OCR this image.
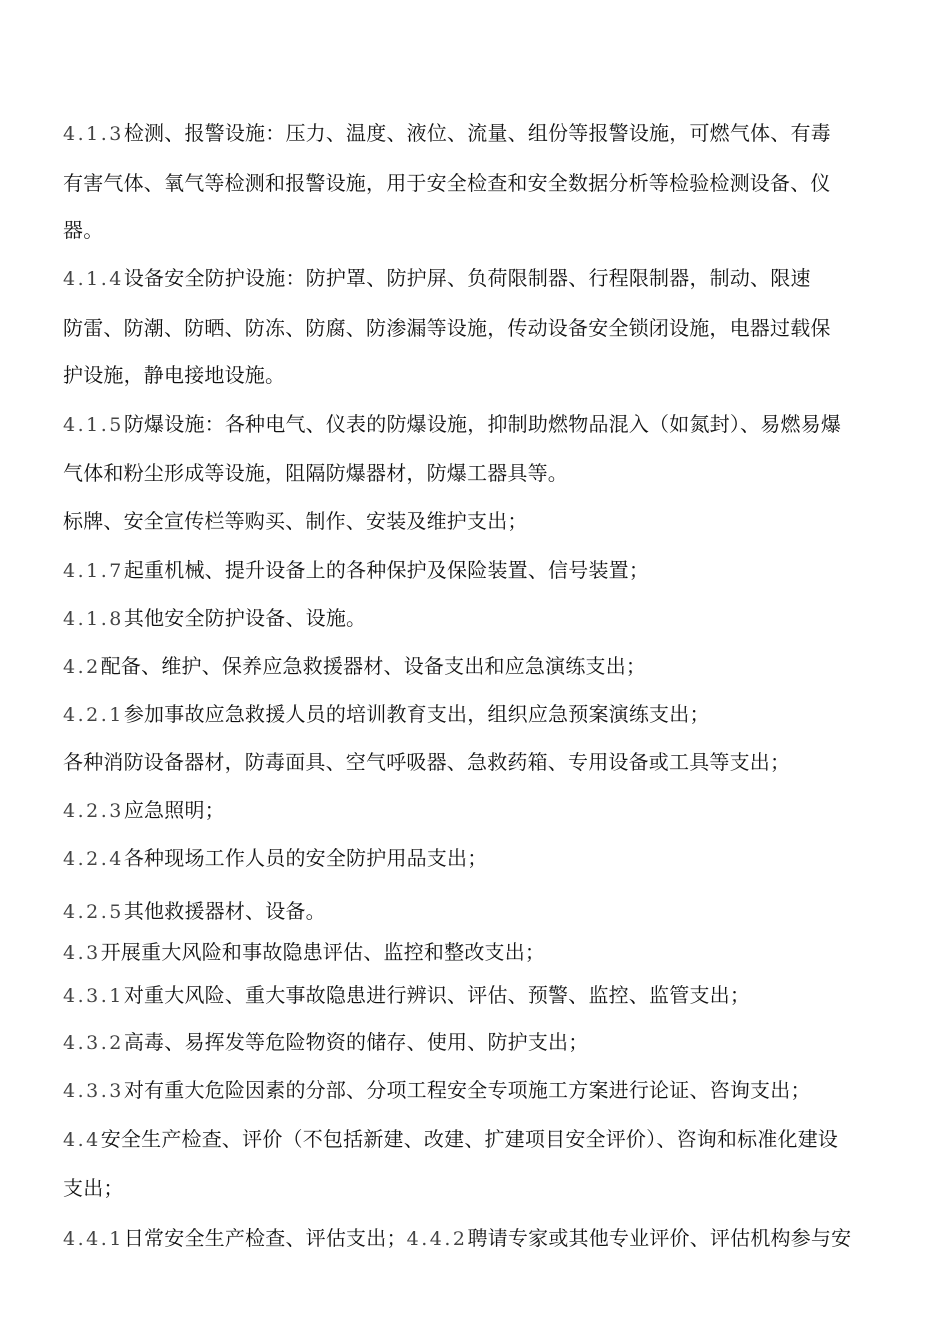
4.1.3检测、报警设施：压力、温度、液位、流量、组份等报警设施，可燃气体、有毒
有害气体、氧气等检测和报警设施，用于安全检查和安全数据分析等检验检测设备、仪
器。
4.1.4设备安全防护设施：防护罩、防护屏、负荷限制器、行程限制器，制动、限速
防雷、防潮、防晒、防冻、防腐、防渗漏等设施，传动设备安全锁闭设施，电器过载保
护设施，静电接地设施。
4.1.5防爆设施：各种电气、仪表的防爆设施，抑制助燃物品混入（如氮封）、易燃易爆
气体和粉尘形成等设施，阻隔防爆器材，防爆工器具等。
标牌、安全宣传栏等购买、制作、安装及维护支出；
4.1.7起重机械、提升设备上的各种保护及保险装置、信号装置；
4.1.8其他安全防护设备、设施。
4.2配备、维护、保养应急救援器材、设备支出和应急演练支出；
4.2.1参加事故应急救援人员的培训教育支出，组织应急预案演练支出；
各种消防设备器材，防毒面具、空气呼吸器、急救药箱、专用设备或工具等支出；
4.2.3应急照明；
4.2.4各种现场工作人员的安全防护用品支出；
4.2.5其他救援器材、设备。
4.3开展重大风险和事故隐患评估、监控和整改支出；
4.3.1对重大风险、重大事故隐患进行辨识、评估、预警、监控、监管支出；
4.3.2高毒、易挥发等危险物资的储存、使用、防护支出；
4.3.3对有重大危险因素的分部、分项工程安全专项施工方案进行论证、咨询支出；
4.4安全生产检查、评价（不包括新建、改建、扩建项目安全评价）、咨询和标准化建设
支出；
4.4.1日常安全生产检查、评估支出；4.4.2聘请专家或其他专业评价、评估机构参与安
